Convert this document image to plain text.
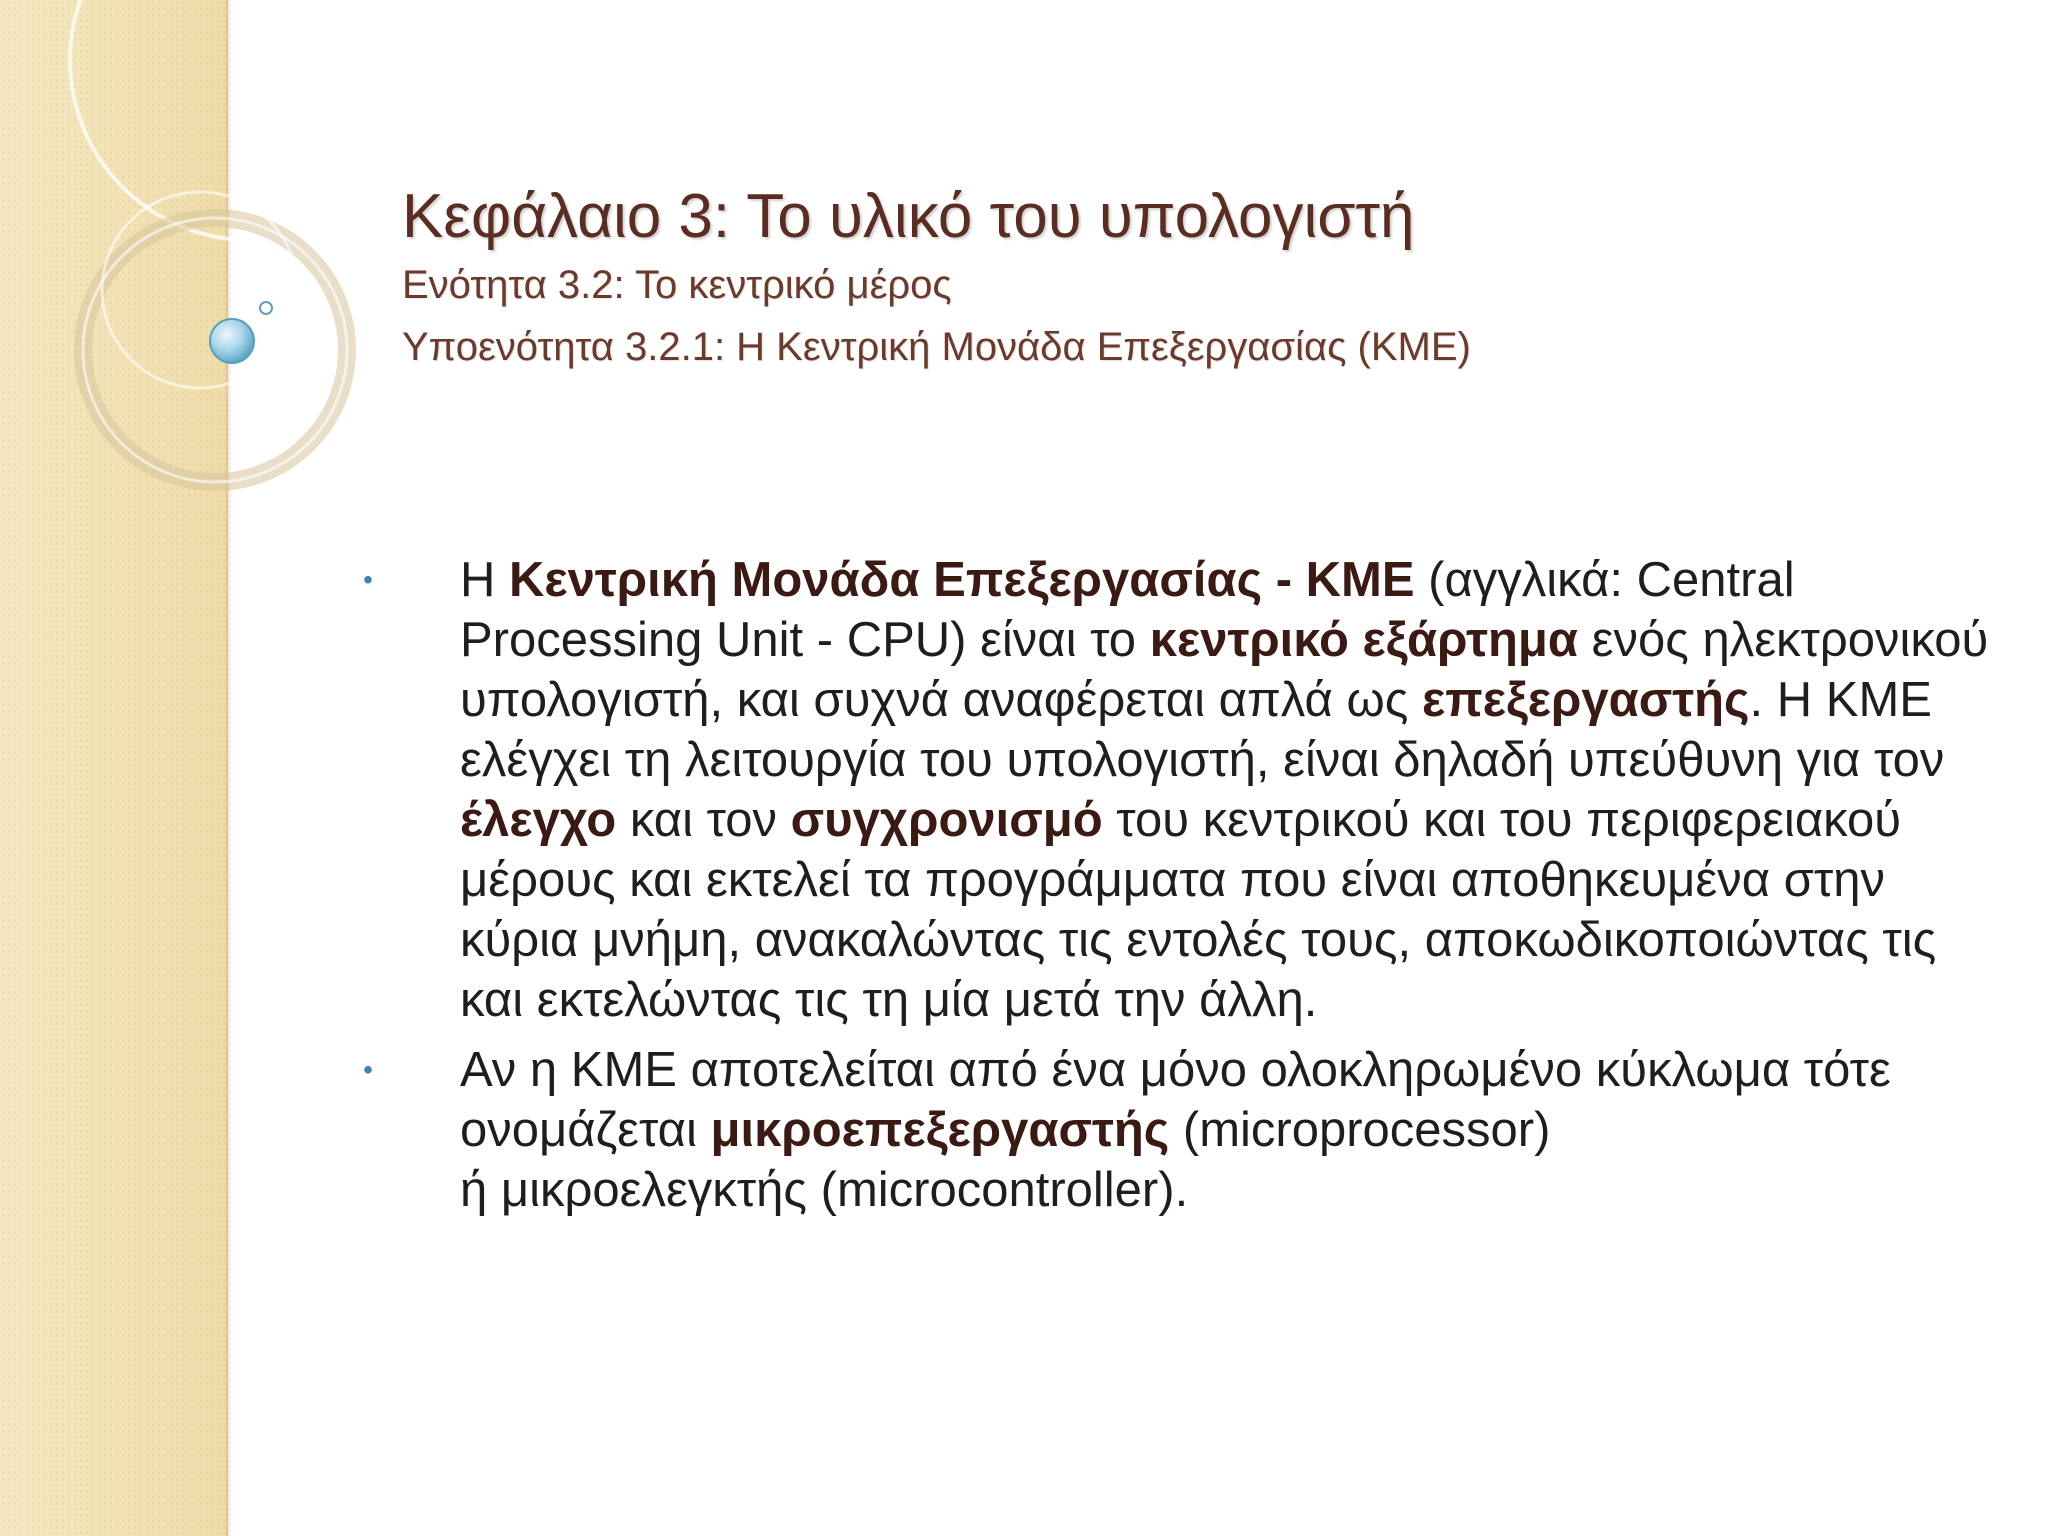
Κεφάλαιο 3: Το υλικό του υπολογιστή
Ενότητα 3.2: Το κεντρικό μέρος
Υποενότητα 3.2.1: Η Κεντρική Μονάδα Επεξεργασίας (ΚΜΕ)
• Η Κεντρική Μονάδα Επεξεργασίας - ΚΜΕ (αγγλικά: Central Processing Unit - CPU) είναι το κεντρικό εξάρτημα ενός ηλεκτρονικού υπολογιστή, και συχνά αναφέρεται απλά ως επεξεργαστής. Η ΚΜΕ ελέγχει τη λειτουργία του υπολογιστή, είναι δηλαδή υπεύθυνη για τον έλεγχο και τον συγχρονισμό του κεντρικού και του περιφερειακού μέρους και εκτελεί τα προγράμματα που είναι αποθηκευμένα στην κύρια μνήμη, ανακαλώντας τις εντολές τους, αποκωδικοποιώντας τις και εκτελώντας τις τη μία μετά την άλλη.
• Αν η ΚΜΕ αποτελείται από ένα μόνο ολοκληρωμένο κύκλωμα τότε
ονομάζεται μικροεπεξεργαστής (microprocessor)
ή μικροελεγκτής (microcontroller).
